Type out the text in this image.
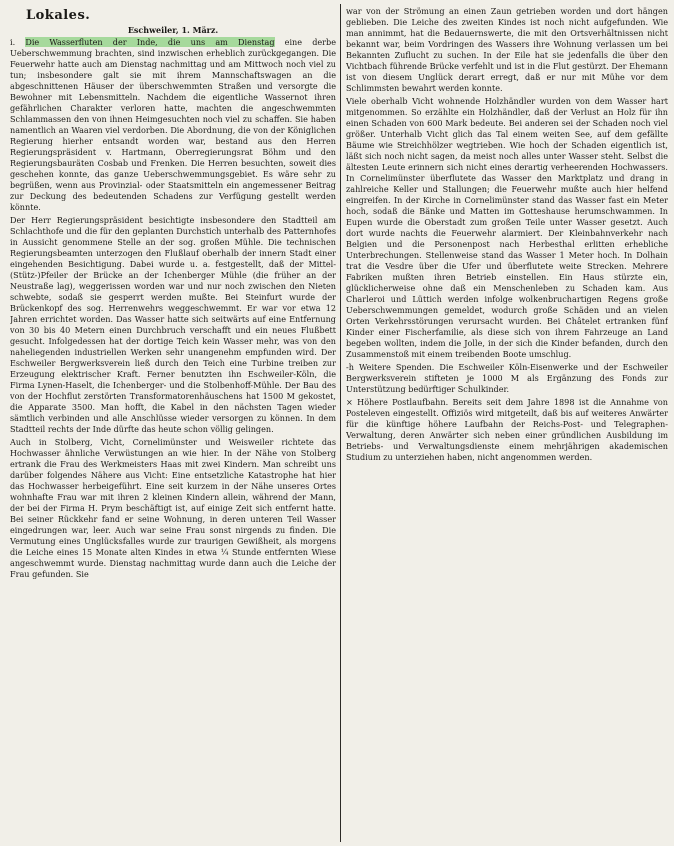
Lokales.
Eschweiler, 1. März.

i. Die Wasserfluten der Inde, die uns am Dienstag eine derbe Ueberschwemmung brachten, sind inzwischen erheblich zurückgegangen. Die Feuerwehr hatte auch am Dienstag nachmittag und am Mittwoch noch viel zu tun; insbesondere galt sie mit ihrem Mannschaftswagen an die abgeschnittenen Häuser der überschwemmten Straßen und versorgte die Bewohner mit Lebensmitteln. Nachdem die eigentliche Wassernot ihren gefährlichen Charakter verloren hatte, machten die angeschwemmten Schlammassen den von ihnen Heimgesuchten noch viel zu schaffen. Sie haben namentlich an Waaren viel verdorben. Die Abordnung, die von der Königlichen Regierung hierher entsandt worden war, bestand aus den Herren Regierungspräsident v. Hartmann, Oberregierungsrat Böhm und den Regierungsbauräten Cosbab und Frenken. Die Herren besuchten, soweit dies geschehen konnte, das ganze Ueberschwemmungsgebiet. Es wäre sehr zu begrüßen, wenn aus Provinzial- oder Staatsmitteln ein angemessener Beitrag zur Deckung des bedeutenden Schadens zur Verfügung gestellt werden könnte.

Der Herr Regierungspräsident besichtigte insbesondere den Stadtteil am Schlachthofe und die für den geplanten Durchstich unterhalb des Patternhofes in Aussicht genommene Stelle an der sog. großen Mühle. Die technischen Regierungsbeamten unterzogen den Flußlauf oberhalb der innern Stadt einer eingehenden Besichtigung. Dabei wurde u. a. festgestellt, daß der Mittel-(Stütz-)Pfeiler der Brücke an der Ichenberger Mühle (die früher an der Neustraße lag), weggerissen worden war und nur noch zwischen den Nieten schwebte, sodaß sie gesperrt werden mußte. Bei Steinfurt wurde der Brückenkopf des sog. Herrenwehrs weggeschwemmt. Er war vor etwa 12 Jahren errichtet worden. Das Wasser hatte sich seitwärts auf eine Entfernung von 30 bis 40 Metern einen Durchbruch verschafft und ein neues Flußbett gesucht. Infolgedessen hat der dortige Teich kein Wasser mehr, was von den naheliegenden industriellen Werken sehr unangenehm empfunden wird. Der Eschweiler Bergwerksverein ließ durch den Teich eine Turbine treiben zur Erzeugung elektrischer Kraft. Ferner benutzten ihn Eschweiler-Köln, die Firma Lynen-Haselt, die Ichenberger- und die Stolbenhoff-Mühle. Der Bau des von der Hochflut zerstörten Transformatorenhäuschens hat 1500 M gekostet, die Apparate 3500. Man hofft, die Kabel in den nächsten Tagen wieder sämtlich verbinden und alle Anschlüsse wieder versorgen zu können. In dem Stadtteil rechts der Inde dürfte das heute schon völlig gelingen.

Auch in Stolberg, Vicht, Cornelimünster und Weisweiler richtete das Hochwasser ähnliche Verwüstungen an wie hier. In der Nähe von Stolberg ertrank die Frau des Werkmeisters Haas mit zwei Kindern. Man schreibt uns darüber folgendes Nähere aus Vicht: Eine entsetzliche Katastrophe hat hier das Hochwasser herbeigeführt. Eine seit kurzem in der Nähe unseres Ortes wohnhafte Frau war mit ihren 2 kleinen Kindern allein, während der Mann, der bei der Firma H. Prym beschäftigt ist, auf einige Zeit sich entfernt hatte. Bei seiner Rückkehr fand er seine Wohnung, in deren unteren Teil Wasser eingedrungen war, leer. Auch war seine Frau sonst nirgends zu finden. Die Vermutung eines Unglücksfalles wurde zur traurigen Gewißheit, als morgens die Leiche eines 15 Monate alten Kindes in etwa ¼ Stunde entfernten Wiese angeschwemmt wurde. Dienstag nachmittag wurde dann auch die Leiche der Frau gefunden. Sie

war von der Strömung an einen Zaun getrieben worden und dort hängen geblieben. Die Leiche des zweiten Kindes ist noch nicht aufgefunden. Wie man annimmt, hat die Bedauernswerte, die mit den Ortsverhältnissen nicht bekannt war, beim Vordringen des Wassers ihre Wohnung verlassen um bei Bekannten Zuflucht zu suchen. In der Eile hat sie jedenfalls die über den Vichtbach führende Brücke verfehlt und ist in die Flut gestürzt. Der Ehemann ist von diesem Unglück derart erregt, daß er nur mit Mühe vor dem Schlimmsten bewahrt werden konnte.

Viele oberhalb Vicht wohnende Holzhändler wurden von dem Wasser hart mitgenommen. So erzählte ein Holzhändler, daß der Verlust an Holz für ihn einen Schaden von 600 Mark bedeute. Bei anderen sei der Schaden noch viel größer. Unterhalb Vicht glich das Tal einem weiten See, auf dem gefällte Bäume wie Streichhölzer wegtrieben. Wie hoch der Schaden eigentlich ist, läßt sich noch nicht sagen, da meist noch alles unter Wasser steht. Selbst die ältesten Leute erinnern sich nicht eines derartig verheerenden Hochwassers. In Cornelimünster überflutete das Wasser den Marktplatz und drang in zahlreiche Keller und Stallungen; die Feuerwehr mußte auch hier helfend eingreifen. In der Kirche in Cornelimünster stand das Wasser fast ein Meter hoch, sodaß die Bänke und Matten im Gotteshause herumschwammen. In Eupen wurde die Oberstadt zum großen Teile unter Wasser gesetzt. Auch dort wurde nachts die Feuerwehr alarmiert. Der Kleinbahnverkehr nach Belgien und die Personenpost nach Herbesthal erlitten erhebliche Unterbrechungen. Stellenweise stand das Wasser 1 Meter hoch. In Dolhain trat die Vesdre über die Ufer und überflutete weite Strecken. Mehrere Fabriken mußten ihren Betrieb einstellen. Ein Haus stürzte ein, glücklicherweise ohne daß ein Menschenleben zu Schaden kam. Aus Charleroi und Lüttich werden infolge wolkenbruchartigen Regens große Ueberschwemmungen gemeldet, wodurch große Schäden und an vielen Orten Verkehrsstörungen verursacht wurden. Bei Châtelet ertranken fünf Kinder einer Fischerfamilie, als diese sich von ihrem Fahrzeuge an Land begeben wollten, indem die Jolle, in der sich die Kinder befanden, durch den Zusammenstoß mit einem treibenden Boote umschlug.

-h Weitere Spenden. Die Eschweiler Köln-Eisenwerke und der Eschweiler Bergwerksverein stifteten je 1000 M als Ergänzung des Fonds zur Unterstützung bedürftiger Schulkinder.

× Höhere Postlaufbahn. Bereits seit dem Jahre 1898 ist die Annahme von Posteleven eingestellt. Offiziös wird mitgeteilt, daß bis auf weiteres Anwärter für die künftige höhere Laufbahn der Reichs-Post- und Telegraphen-Verwaltung, deren Anwärter sich neben einer gründlichen Ausbildung im Betriebs- und Verwaltungsdienste einem mehrjährigen akademischen Studium zu unterziehen haben, nicht angenommen werden.
